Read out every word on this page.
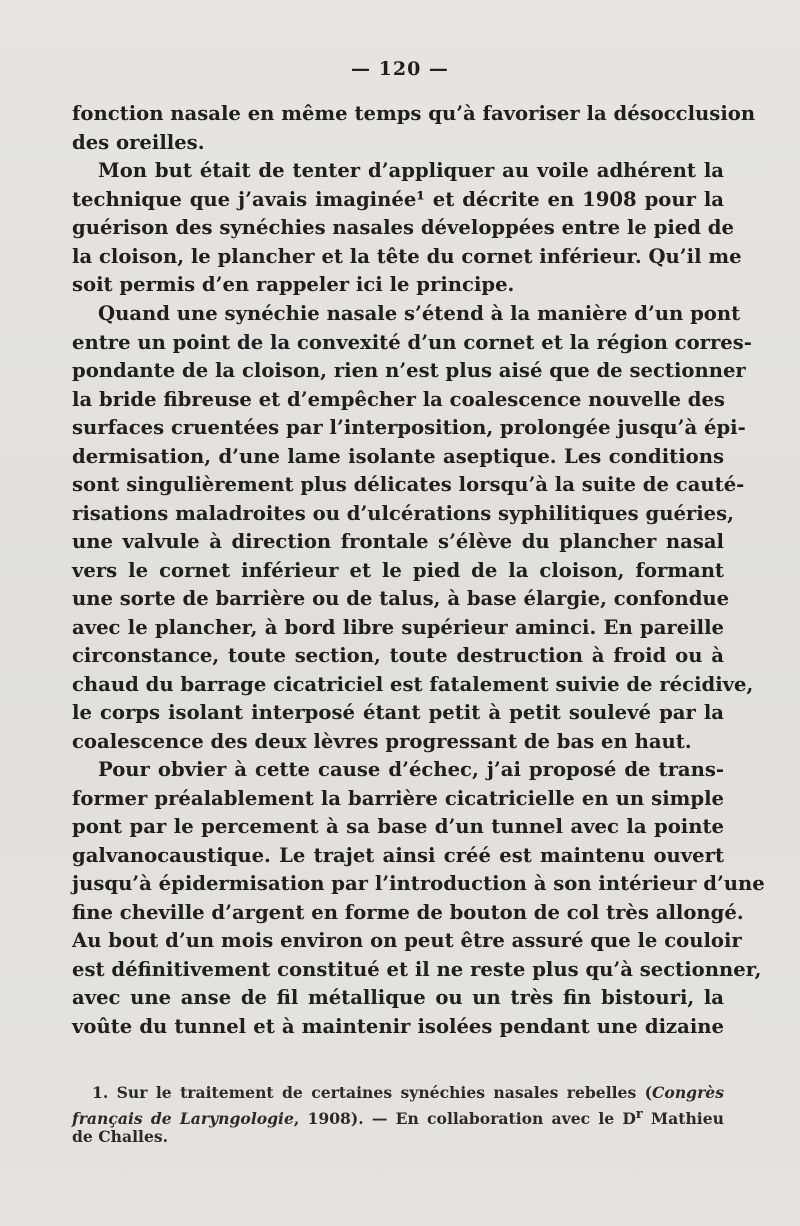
— 120 —
fonction nasale en même temps qu’à favoriser la désocclusion
des oreilles.
Mon but était de tenter d’appliquer au voile adhérent la
technique que j’avais imaginée¹ et décrite en 1908 pour la
guérison des synéchies nasales développées entre le pied de
la cloison, le plancher et la tête du cornet inférieur. Qu’il me
soit permis d’en rappeler ici le principe.
Quand une synéchie nasale s’étend à la manière d’un pont
entre un point de la convexité d’un cornet et la région corres-
pondante de la cloison, rien n’est plus aisé que de sectionner
la bride fibreuse et d’empêcher la coalescence nouvelle des
surfaces cruentées par l’interposition, prolongée jusqu’à épi-
dermisation, d’une lame isolante aseptique. Les conditions
sont singulièrement plus délicates lorsqu’à la suite de cauté-
risations maladroites ou d’ulcérations syphilitiques guéries,
une valvule à direction frontale s’élève du plancher nasal
vers le cornet inférieur et le pied de la cloison, formant
une sorte de barrière ou de talus, à base élargie, confondue
avec le plancher, à bord libre supérieur aminci. En pareille
circonstance, toute section, toute destruction à froid ou à
chaud du barrage cicatriciel est fatalement suivie de récidive,
le corps isolant interposé étant petit à petit soulevé par la
coalescence des deux lèvres progressant de bas en haut.
Pour obvier à cette cause d’échec, j’ai proposé de trans-
former préalablement la barrière cicatricielle en un simple
pont par le percement à sa base d’un tunnel avec la pointe
galvanocaustique. Le trajet ainsi créé est maintenu ouvert
jusqu’à épidermisation par l’introduction à son intérieur d’une
fine cheville d’argent en forme de bouton de col très allongé.
Au bout d’un mois environ on peut être assuré que le couloir
est définitivement constitué et il ne reste plus qu’à sectionner,
avec une anse de fil métallique ou un très fin bistouri, la
voûte du tunnel et à maintenir isolées pendant une dizaine
1. Sur le traitement de certaines synéchies nasales rebelles (Congrès
français de Laryngologie, 1908). — En collaboration avec le $D^r$ Mathieu
de Challes.
